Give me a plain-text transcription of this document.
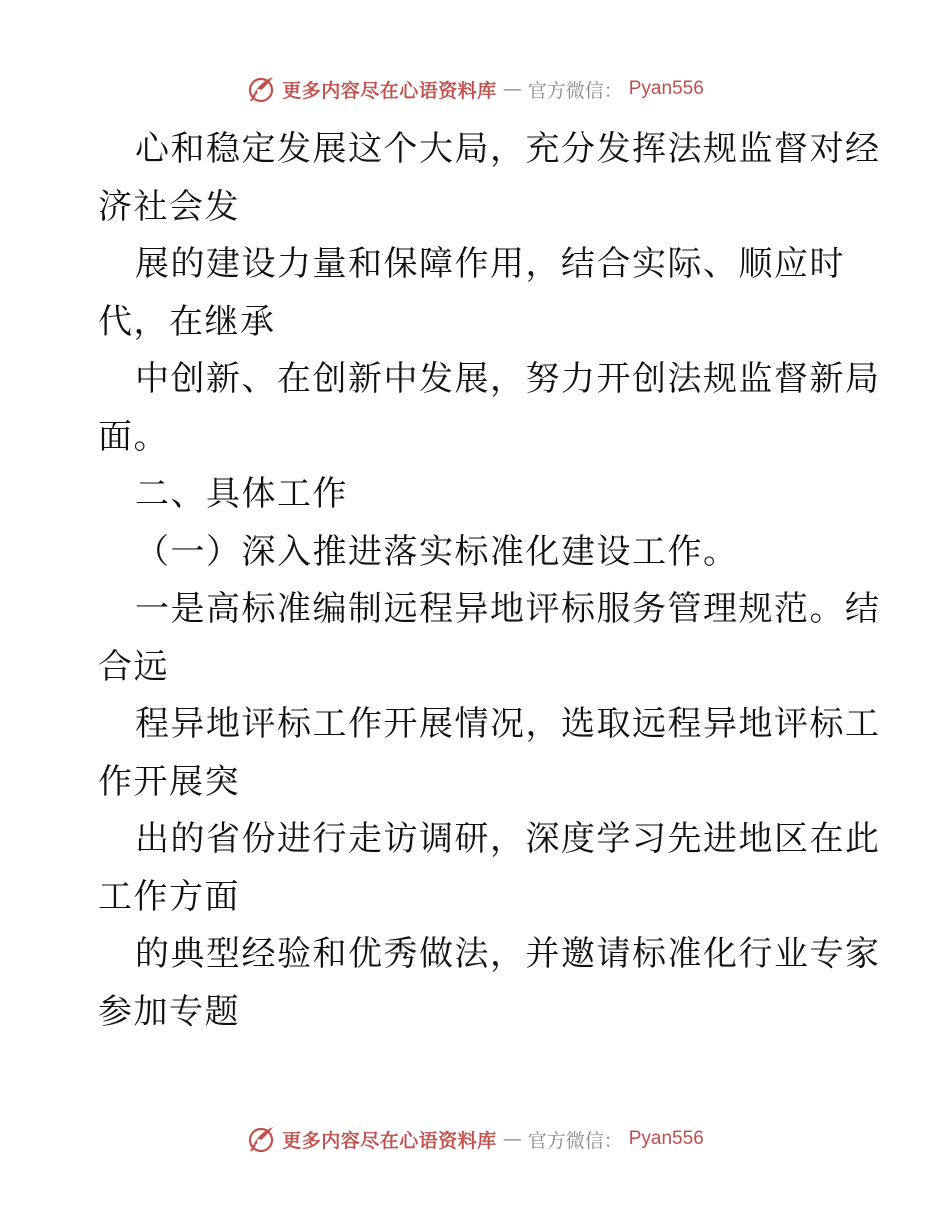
更多内容尽在心语资料库 — 官方微信： Pyan556
心和稳定发展这个大局，充分发挥法规监督对经
济社会发
展的建设力量和保障作用，结合实际、顺应时
代，在继承
中创新、在创新中发展，努力开创法规监督新局
面。
二、具体工作
（一）深入推进落实标准化建设工作。
一是高标准编制远程异地评标服务管理规范。结
合远
程异地评标工作开展情况，选取远程异地评标工
作开展突
出的省份进行走访调研，深度学习先进地区在此
工作方面
的典型经验和优秀做法，并邀请标准化行业专家
参加专题
更多内容尽在心语资料库 — 官方微信： Pyan556
